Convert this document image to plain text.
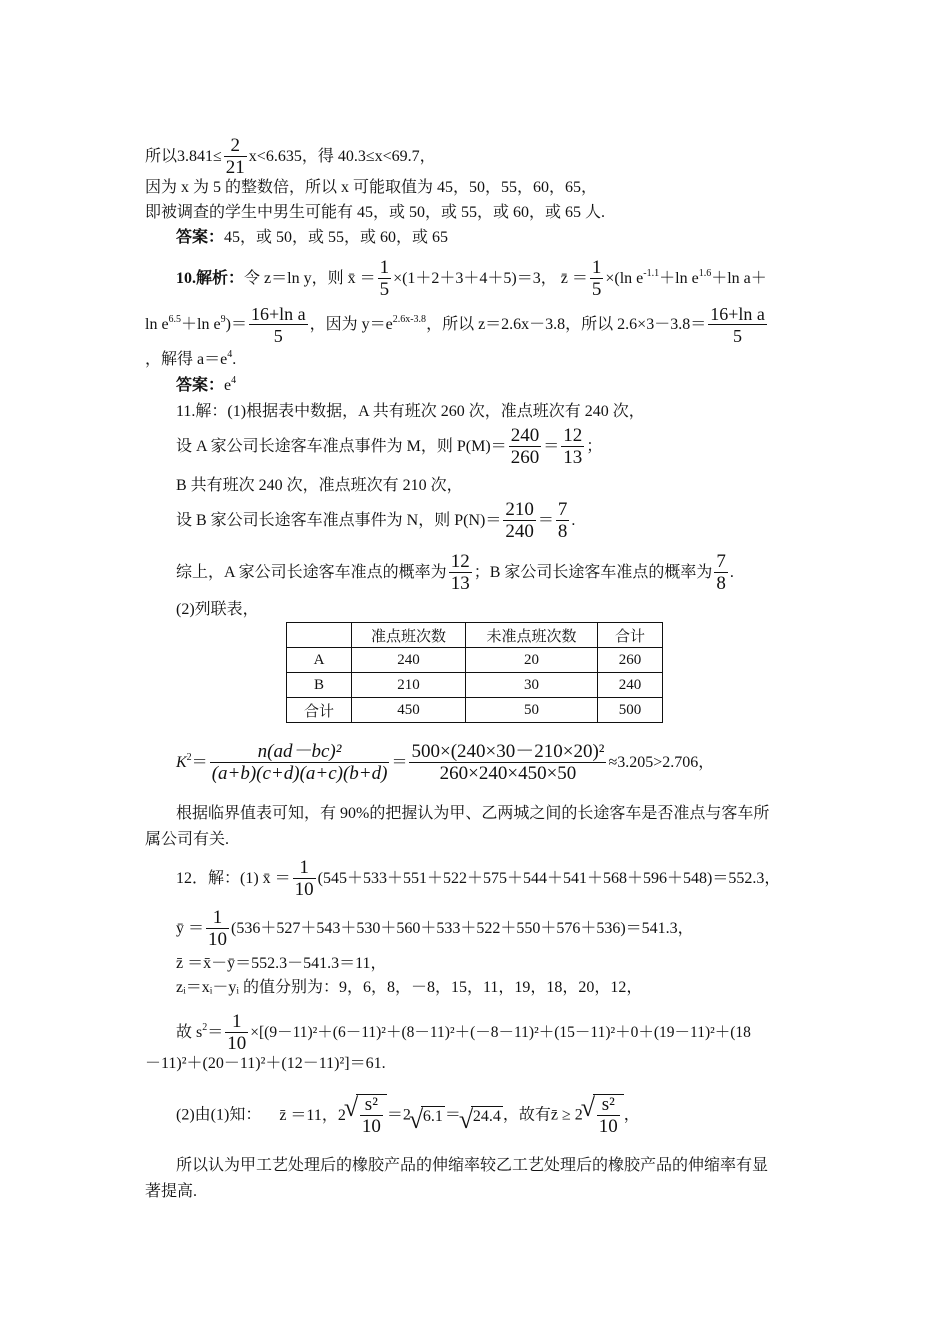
所以$3.841\le \frac{2}{21} x<6.635$，得 40.3≤x<69.7，
因为 x 为 5 的整数倍，所以 x 可能取值为 45，50，55，60，65，
即被调查的学生中男生可能有 45，或 50，或 55，或 60，或 65 人.
答案：45，或 50，或 55，或 60，或 65
10.解析：令 z＝ln y，则 x̄ ＝ $\frac{1}{5} \times(1+2+3+4+5)=3$， z̄ ＝ $\frac{1}{5} \times(\ln$ $e^{-1.1}+\ln$ $e^{1.6}+\ln$ a＋
$\ln e^{6.5}+\ln$ $e^9)= \frac{\text{16+ln a}}{5}$ ，因为 $y=e^{2.6x-3.8}$，所以 z＝2.6x－3.8，所以 $2.6\times 3-3.8= \frac{\text{16+ln a}}{5}$
，解得 $a=e^4$.
答案：$e^4$
11.解：(1)根据表中数据，A 共有班次 260 次，准点班次有 240 次，
设 A 家公司长途客车准点事件为 M，则 $P(M)= \frac{240}{260} = \frac{12}{13}$ ；
B 共有班次 240 次，准点班次有 210 次，
设 B 家公司长途客车准点事件为 N，则 $P(N)= \frac{210}{240} = \frac{7}{8}$ .
综上，A 家公司长途客车准点的概率为 $\frac{12}{13}$ ；B 家公司长途客车准点的概率为 $\frac{7}{8}$ .
(2)列联表，
	准点班次数	未准点班次数	合计
A	240	20	260
B	210	30	240
合计	450	50	500
$K^2= \frac{\text{n(ad－bc)²}}{(a+b)(c+d)(a+c)(b+d)} = \frac{\text{500×(240×30－210×20)²}}{260\times 240\times 450\times 50} \approx 3.205>2.706$，
根据临界值表可知，有 90%的把握认为甲、乙两城之间的长途客车是否准点与客车所
属公司有关.
12．解：(1) x̄ ＝ $\frac{1}{10} (545+533+551+522+575+544+541+568+596+548)=552.3$，
ȳ ＝ $\frac{1}{10} (536+527+543+530+560+533+522+550+576+536)=541.3$，
z̄ ＝x̄－ȳ＝552.3－541.3＝11，
zᵢ＝xᵢ－yᵢ 的值分别为：9，6，8，－8，15，11，19，18，20，12，
故 $s^2= \frac{1}{10} \times[(9-11)^2+(6-11)^2+(8-11)^2+(-8-11)^2+(15-11)^2+0+(19-11)^2+(18$
－11)²＋(20－11)²＋(12－11)²]＝61.
(2)由(1)知： z̄ ＝11，2 √ $\frac{\text{s²}}{10} =2$ √ 6.1 ＝ √ 24.4 ，故有z̄ ≥ 2 √ $\frac{\text{s²}}{10}$ ，
所以认为甲工艺处理后的橡胶产品的伸缩率较乙工艺处理后的橡胶产品的伸缩率有显
著提高.
